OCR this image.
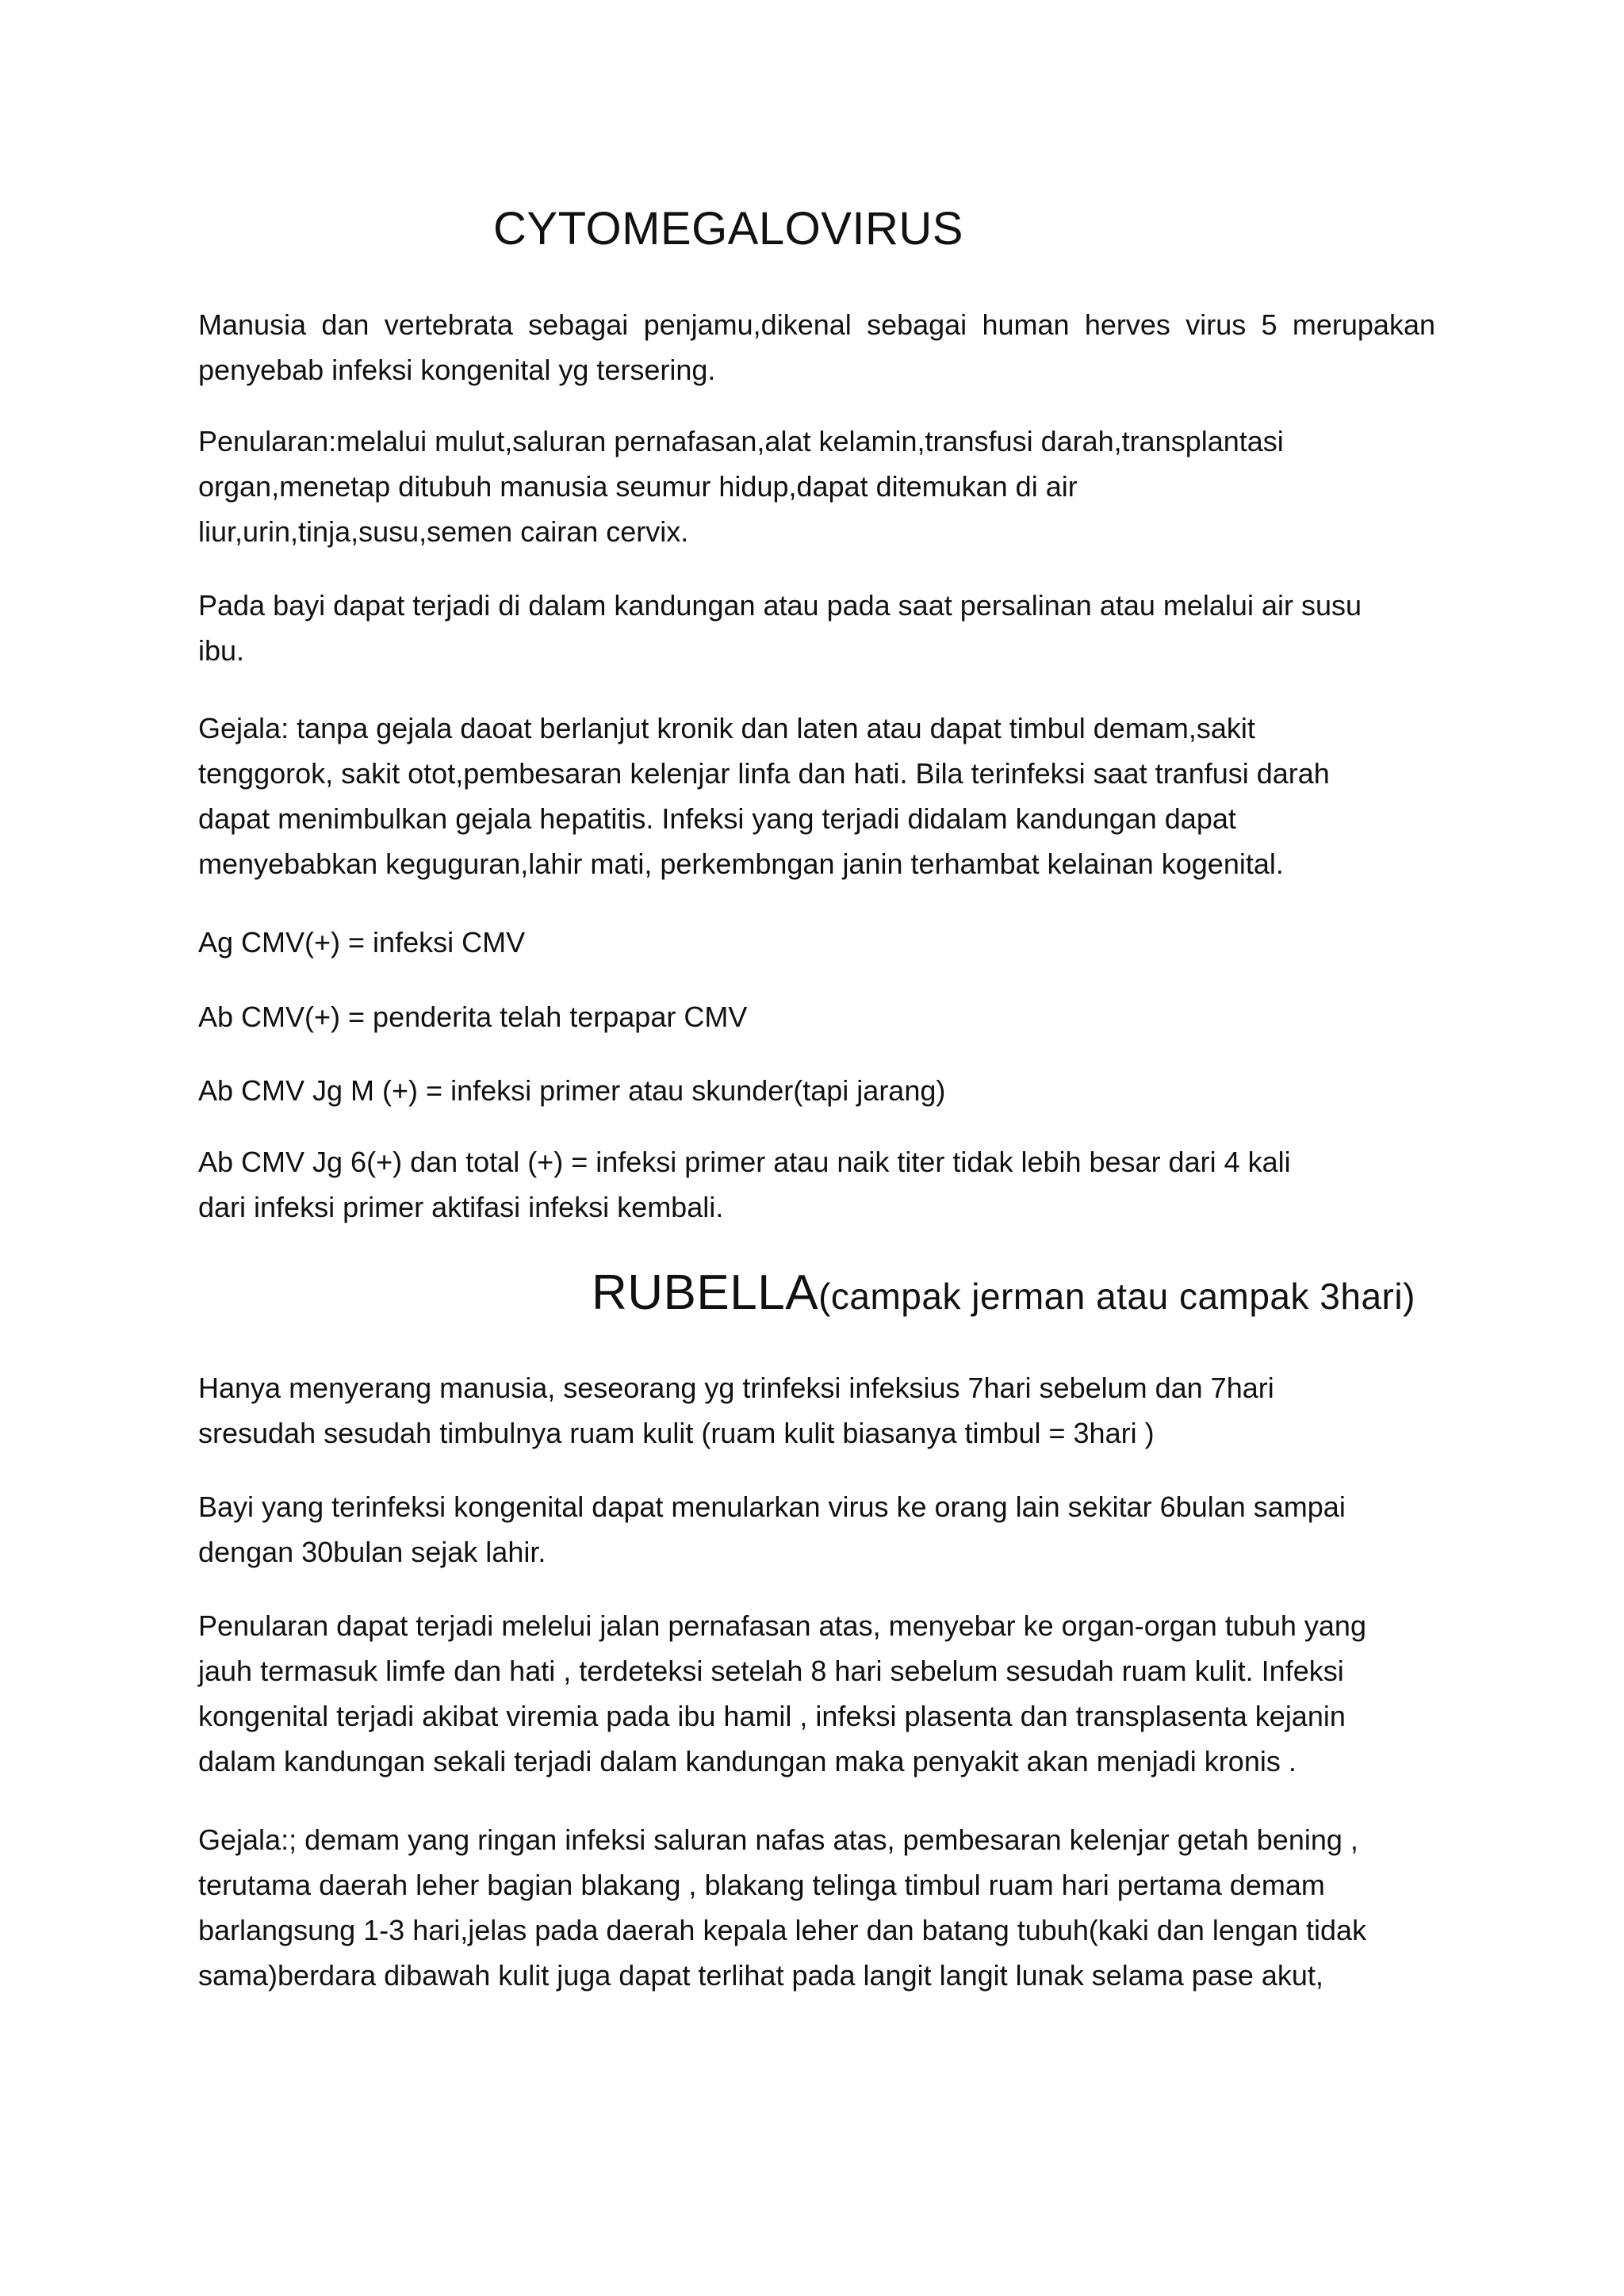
CYTOMEGALOVIRUS

Manusia dan vertebrata sebagai penjamu,dikenal sebagai human herves virus 5 merupakan
penyebab infeksi kongenital yg tersering.

Penularan:melalui mulut,saluran pernafasan,alat kelamin,transfusi darah,transplantasi
organ,menetap ditubuh manusia seumur hidup,dapat ditemukan di air
liur,urin,tinja,susu,semen cairan cervix.

Pada bayi dapat terjadi di dalam kandungan atau pada saat persalinan atau melalui air susu
ibu.

Gejala: tanpa gejala daoat berlanjut kronik dan laten atau dapat timbul demam,sakit
tenggorok, sakit otot,pembesaran kelenjar linfa dan hati. Bila terinfeksi saat tranfusi darah
dapat menimbulkan gejala hepatitis. Infeksi yang terjadi didalam kandungan dapat
menyebabkan keguguran,lahir mati, perkembngan janin terhambat kelainan kogenital.

Ag CMV(+) = infeksi CMV

Ab CMV(+) = penderita telah terpapar CMV

Ab CMV Jg M (+) = infeksi primer atau skunder(tapi jarang)

Ab CMV Jg 6(+) dan total (+) = infeksi primer atau naik titer tidak lebih besar dari 4 kali
dari infeksi primer aktifasi infeksi kembali.

RUBELLA(campak jerman atau campak 3hari)

Hanya menyerang manusia, seseorang yg trinfeksi infeksius 7hari sebelum dan 7hari
sresudah sesudah timbulnya ruam kulit (ruam kulit biasanya timbul = 3hari )

Bayi yang terinfeksi kongenital dapat menularkan virus ke orang lain sekitar 6bulan sampai
dengan 30bulan sejak lahir.

Penularan dapat terjadi melelui jalan pernafasan atas, menyebar ke organ-organ tubuh yang
jauh termasuk limfe dan hati , terdeteksi setelah 8 hari sebelum sesudah ruam kulit. Infeksi
kongenital terjadi akibat viremia pada ibu hamil , infeksi plasenta dan transplasenta kejanin
dalam kandungan sekali terjadi dalam kandungan maka penyakit akan menjadi kronis .

Gejala:; demam yang ringan infeksi saluran nafas atas, pembesaran kelenjar getah bening ,
terutama daerah leher bagian blakang , blakang telinga timbul ruam hari pertama demam
barlangsung 1-3 hari,jelas pada daerah kepala leher dan batang tubuh(kaki dan lengan tidak
sama)berdara dibawah kulit juga dapat terlihat pada langit langit lunak selama pase akut,
